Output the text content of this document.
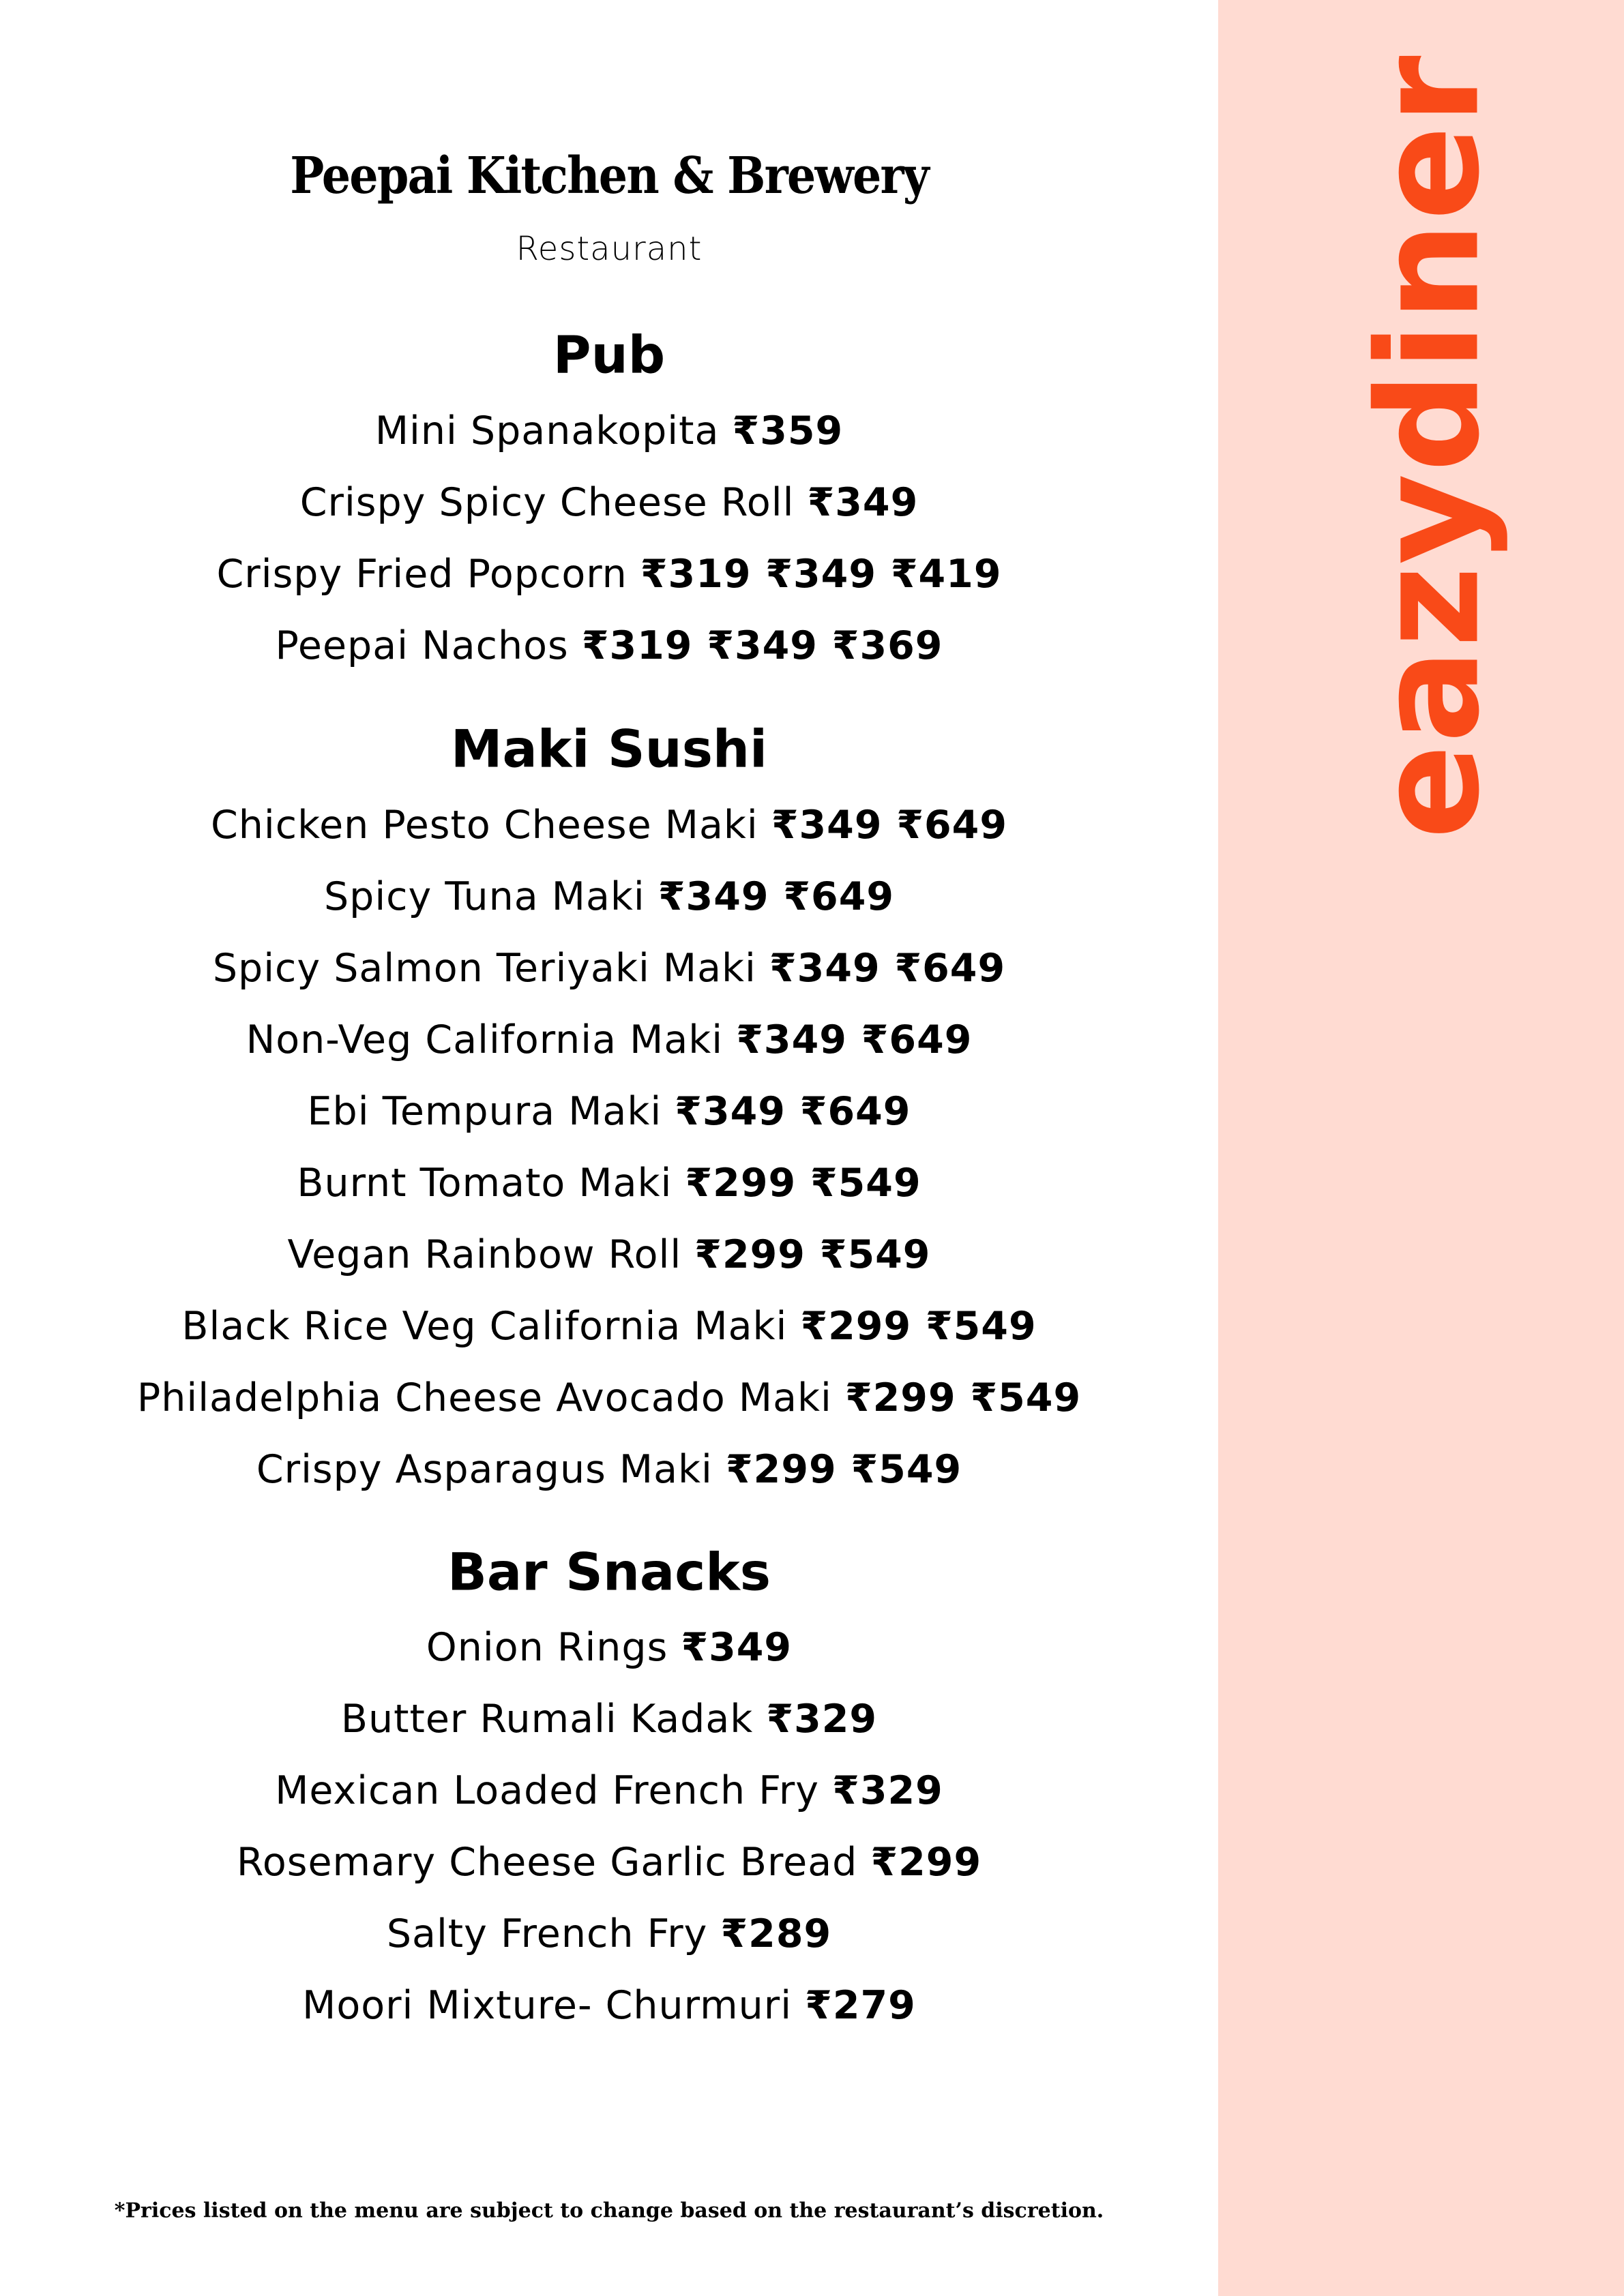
Peepai Kitchen & Brewery
Restaurant
Pub
Mini Spanakopita ₹359
Crispy Spicy Cheese Roll ₹349
Crispy Fried Popcorn ₹319 ₹349 ₹419
Peepai Nachos ₹319 ₹349 ₹369
Maki Sushi
Chicken Pesto Cheese Maki ₹349 ₹649
Spicy Tuna Maki ₹349 ₹649
Spicy Salmon Teriyaki Maki ₹349 ₹649
Non-Veg California Maki ₹349 ₹649
Ebi Tempura Maki ₹349 ₹649
Burnt Tomato Maki ₹299 ₹549
Vegan Rainbow Roll ₹299 ₹549
Black Rice Veg California Maki ₹299 ₹549
Philadelphia Cheese Avocado Maki ₹299 ₹549
Crispy Asparagus Maki ₹299 ₹549
Bar Snacks
Onion Rings ₹349
Butter Rumali Kadak ₹329
Mexican Loaded French Fry ₹329
Rosemary Cheese Garlic Bread ₹299
Salty French Fry ₹289
Moori Mixture- Churmuri ₹279
*Prices listed on the menu are subject to change based on the restaurant’s discretion.
eazydiner
